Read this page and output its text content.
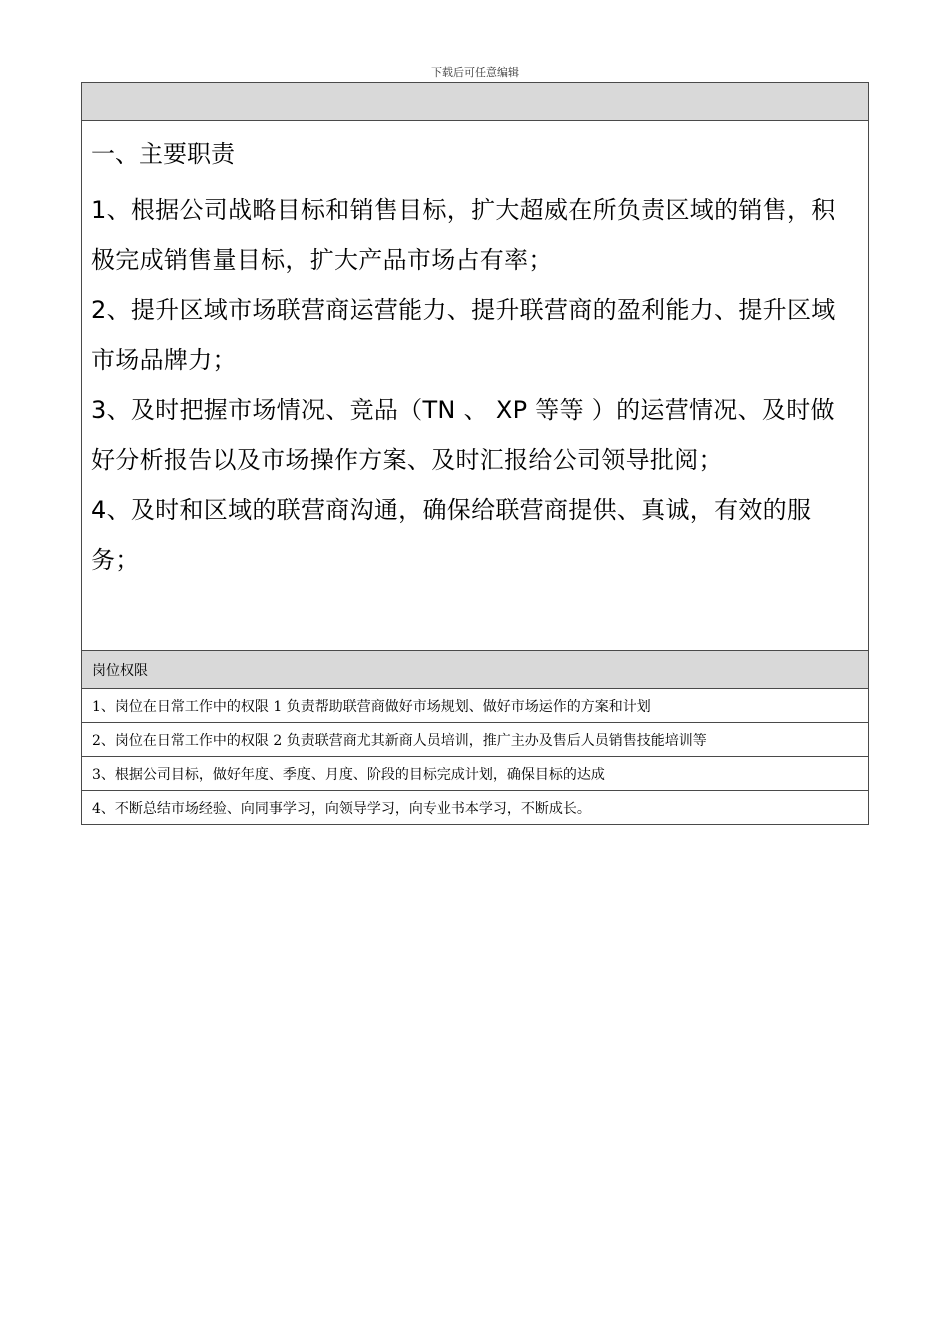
下载后可任意编辑

一、主要职责

1、根据公司战略目标和销售目标，扩大超威在所负责区域的销售，积极完成销售量目标，扩大产品市场占有率；

2、提升区域市场联营商运营能力、提升联营商的盈利能力、提升区域市场品牌力；

3、及时把握市场情况、竞品（TN 、 XP 等等 ）的运营情况、及时做好分析报告以及市场操作方案、及时汇报给公司领导批阅；

4、及时和区域的联营商沟通，确保给联营商提供、真诚，有效的服务；

岗位权限
1、岗位在日常工作中的权限 1 负责帮助联营商做好市场规划、做好市场运作的方案和计划
2、岗位在日常工作中的权限 2 负责联营商尤其新商人员培训，推广主办及售后人员销售技能培训等
3、根据公司目标，做好年度、季度、月度、阶段的目标完成计划，确保目标的达成
4、不断总结市场经验、向同事学习，向领导学习，向专业书本学习，不断成长。
